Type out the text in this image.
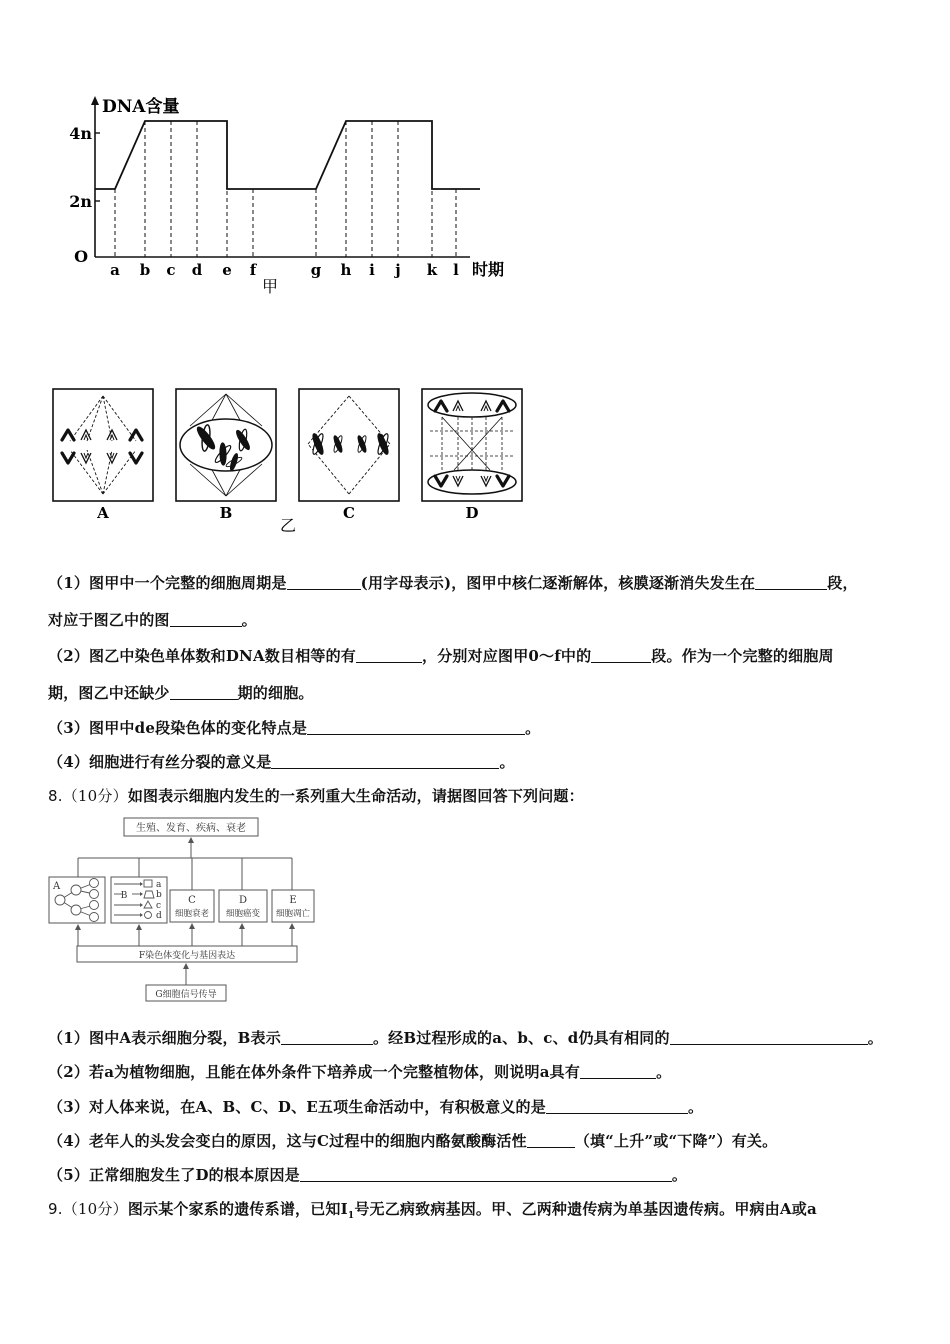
DNA含量
4n
2n
O
a b c d e f	g h i j k l 时期
甲
A	B	C	D
乙
（1）图甲中一个完整的细胞周期是	(用字母表示)，图甲中核仁逐渐解体，核膜逐渐消失发生在	段，
对应于图乙中的图	。
（2）图乙中染色单体数和DNA数目相等的有	，分别对应图甲0～f中的	段。作为一个完整的细胞周
期，图乙中还缺少	期的细胞。
（3）图甲中de段染色体的变化特点是	。
（4）细胞进行有丝分裂的意义是	。
8.（10分）如图表示细胞内发生的一系列重大生命活动，请据图回答下列问题：
A
B
a
b
c
d
生殖、发育、疾病、衰老
C
细胞衰老
D
细胞癌变
E
细胞凋亡
F染色体变化与基因表达
G细胞信号传导
（1）图中A表示细胞分裂，B表示	。经B过程形成的a、b、c、d仍具有相同的	。
（2）若a为植物细胞，且能在体外条件下培养成一个完整植物体，则说明a具有	。
（3）对人体来说，在A、B、C、D、E五项生命活动中，有积极意义的是	。
（4）老年人的头发会变白的原因，这与C过程中的细胞内酪氨酸酶活性	（填“上升”或“下降”）有关。
（5）正常细胞发生了D的根本原因是	。
9.（10分）图示某个家系的遗传系谱，已知$Ⅰ_1$号无乙病致病基因。甲、乙两种遗传病为单基因遗传病。甲病由A或a
